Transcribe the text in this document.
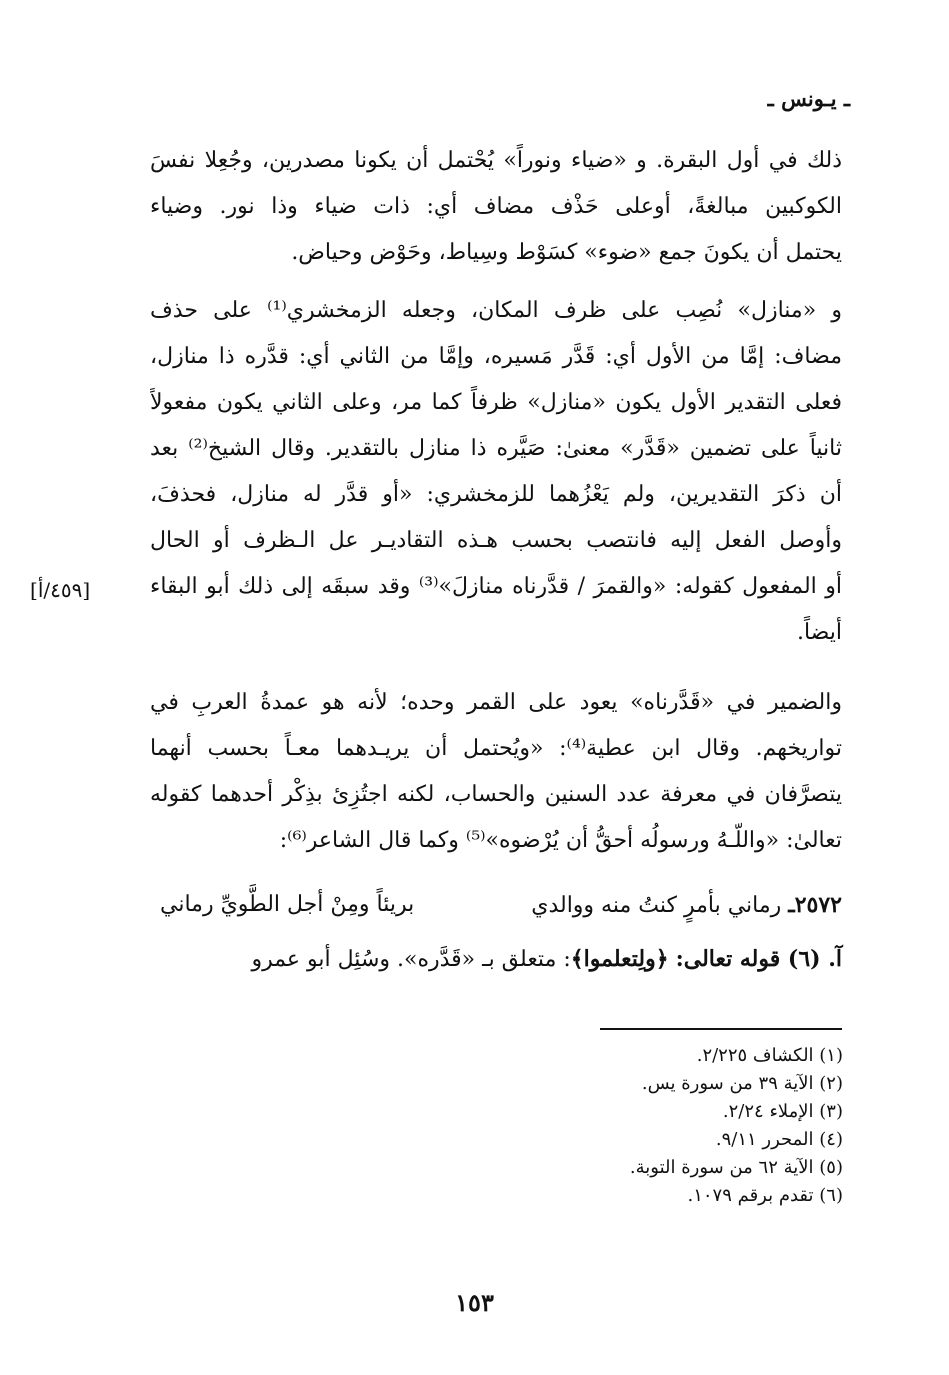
ـ يـونس ـ
ذلك في أول البقرة. و «ضياء ونوراً» يُحْتمل أن يكونا مصدرين، وجُعِلا نفسَ
الكوكبين مبالغةً، أوعلى حَذْف مضاف أي: ذات ضياء وذا نور. وضياء
يحتمل أن يكونَ جمع «ضوء» كسَوْط وسِياط، وحَوْض وحياض.
و «منازل» نُصِب على ظرف المكان، وجعله الزمخشري⁽¹⁾ على حذف
مضاف: إمَّا من الأول أي: قَدَّر مَسيره، وإمَّا من الثاني أي: قدَّره ذا منازل،
فعلى التقدير الأول يكون «منازل» ظرفاً كما مر، وعلى الثاني يكون مفعولاً
ثانياً على تضمين «قَدَّر» معنىٰ: صَيَّره ذا منازل بالتقدير. وقال الشيخ⁽²⁾ بعد
أن ذكرَ التقديرين، ولم يَعْزُهما للزمخشري: «أو قدَّر له منازل، فحذفَ،
وأوصل الفعل إليه فانتصب بحسب هـذه التقاديـر عل الـظرف أو الحال
أو المفعول كقوله: «والقمرَ / قدَّرناه منازلَ»⁽³⁾ وقد سبقَه إلى ذلك أبو البقاء
أيضاً.
[٤٥٩/أ]
والضمير في «قَدَّرناه» يعود على القمر وحده؛ لأنه هو عمدةُ العربِ في
تواريخهم. وقال ابن عطية⁽⁴⁾: «ويُحتمل أن يريـدهما معـاً بحسب أنهما
يتصرَّفان في معرفة عدد السنين والحساب، لكنه اجتُزِئ بذِكْر أحدهما كقوله
تعالىٰ: «واللّـهُ ورسولُه أحقُّ أن يُرْضوه»⁽⁵⁾ وكما قال الشاعر⁽⁶⁾:
٢٥٧٢ـ رماني بأمرٍ كنتُ منه ووالدي
بريئاً ومِنْ أجل الطَّويِّ رماني
آ. (٦) قوله تعالى: ﴿ولِتعلموا﴾: متعلق بـ «قَدَّره». وسُئِل أبو عمرو
(١) الكشاف ٢/٢٢٥.
(٢) الآية ٣٩ من سورة يس.
(٣) الإملاء ٢/٢٤.
(٤) المحرر ٩/١١.
(٥) الآية ٦٢ من سورة التوبة.
(٦) تقدم برقم ١٠٧٩.
١٥٣
